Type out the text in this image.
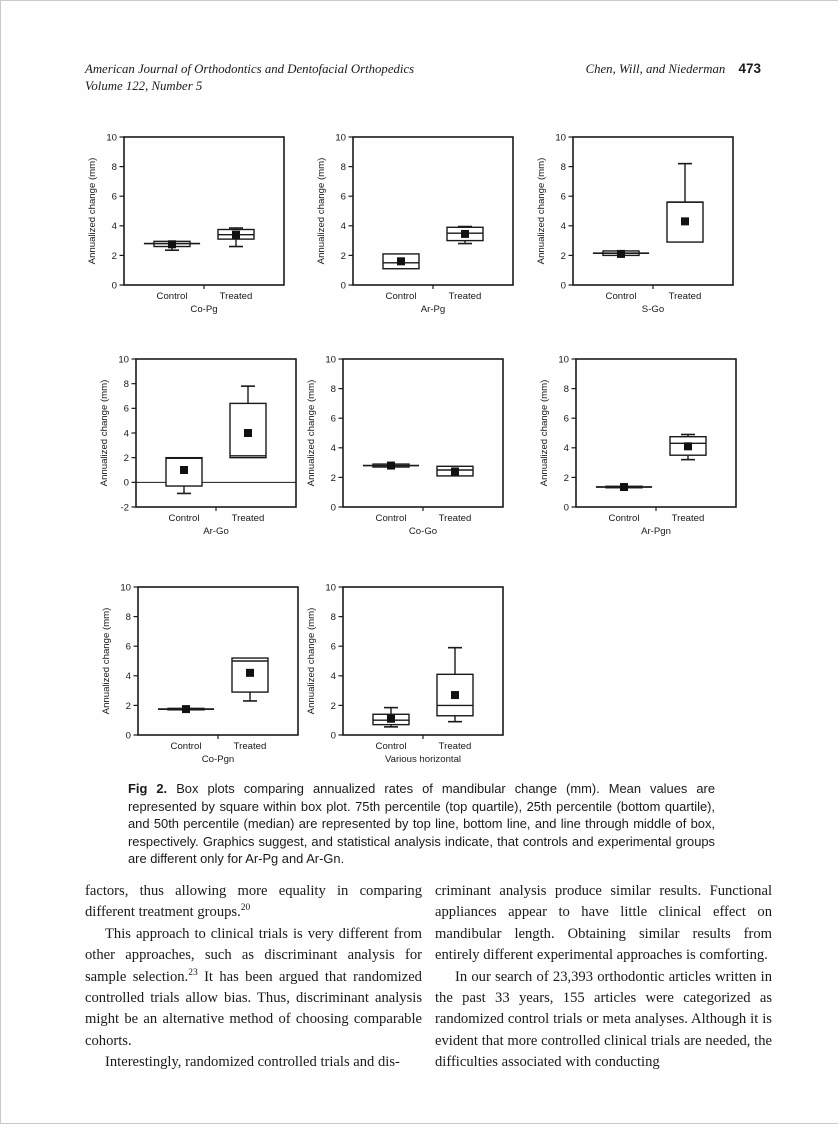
American Journal of Orthodontics and Dentofacial Orthopedics
Volume 122, Number 5
Chen, Will, and Niederman 473
0
2
4
6
8
10
Annualized change (mm)
Control	Treated
Co-Pg
0
2
4
6
8
10
Annualized change (mm)
Control	Treated
Ar-Pg
0
2
4
6
8
10
Annualized change (mm)
Control	Treated
S-Go
-2
0
2
4
6
8
10
Annualized change (mm)
Control	Treated
Ar-Go
0
2
4
6
8
10
Annualized change (mm)
Control	Treated
Co-Go
0
2
4
6
8
10
Annualized change (mm)
Control	Treated
Ar-Pgn
0
2
4
6
8
10
Annualized change (mm)
Control	Treated
Co-Pgn
0
2
4
6
8
10
Annualized change (mm)
Control	Treated
Various horizontal
Fig 2. Box plots comparing annualized rates of mandibular change (mm). Mean values are represented by square within box plot. 75th percentile (top quartile), 25th percentile (bottom quartile), and 50th percentile (median) are represented by top line, bottom line, and line through middle of box, respectively. Graphics suggest, and statistical analysis indicate, that controls and experimental groups are different only for Ar-Pg and Ar-Gn.

factors, thus allowing more equality in comparing different treatment groups.$^{20}$

This approach to clinical trials is very different from other approaches, such as discriminant analysis for sample selection.$^{23}$ It has been argued that randomized controlled trials allow bias. Thus, discriminant analysis might be an alternative method of choosing comparable cohorts.

Interestingly, randomized controlled trials and dis-

criminant analysis produce similar results. Functional appliances appear to have little clinical effect on mandibular length. Obtaining similar results from entirely different experimental approaches is comforting.

In our search of 23,393 orthodontic articles written in the past 33 years, 155 articles were categorized as randomized control trials or meta analyses. Although it is evident that more controlled clinical trials are needed, the difficulties associated with conducting
